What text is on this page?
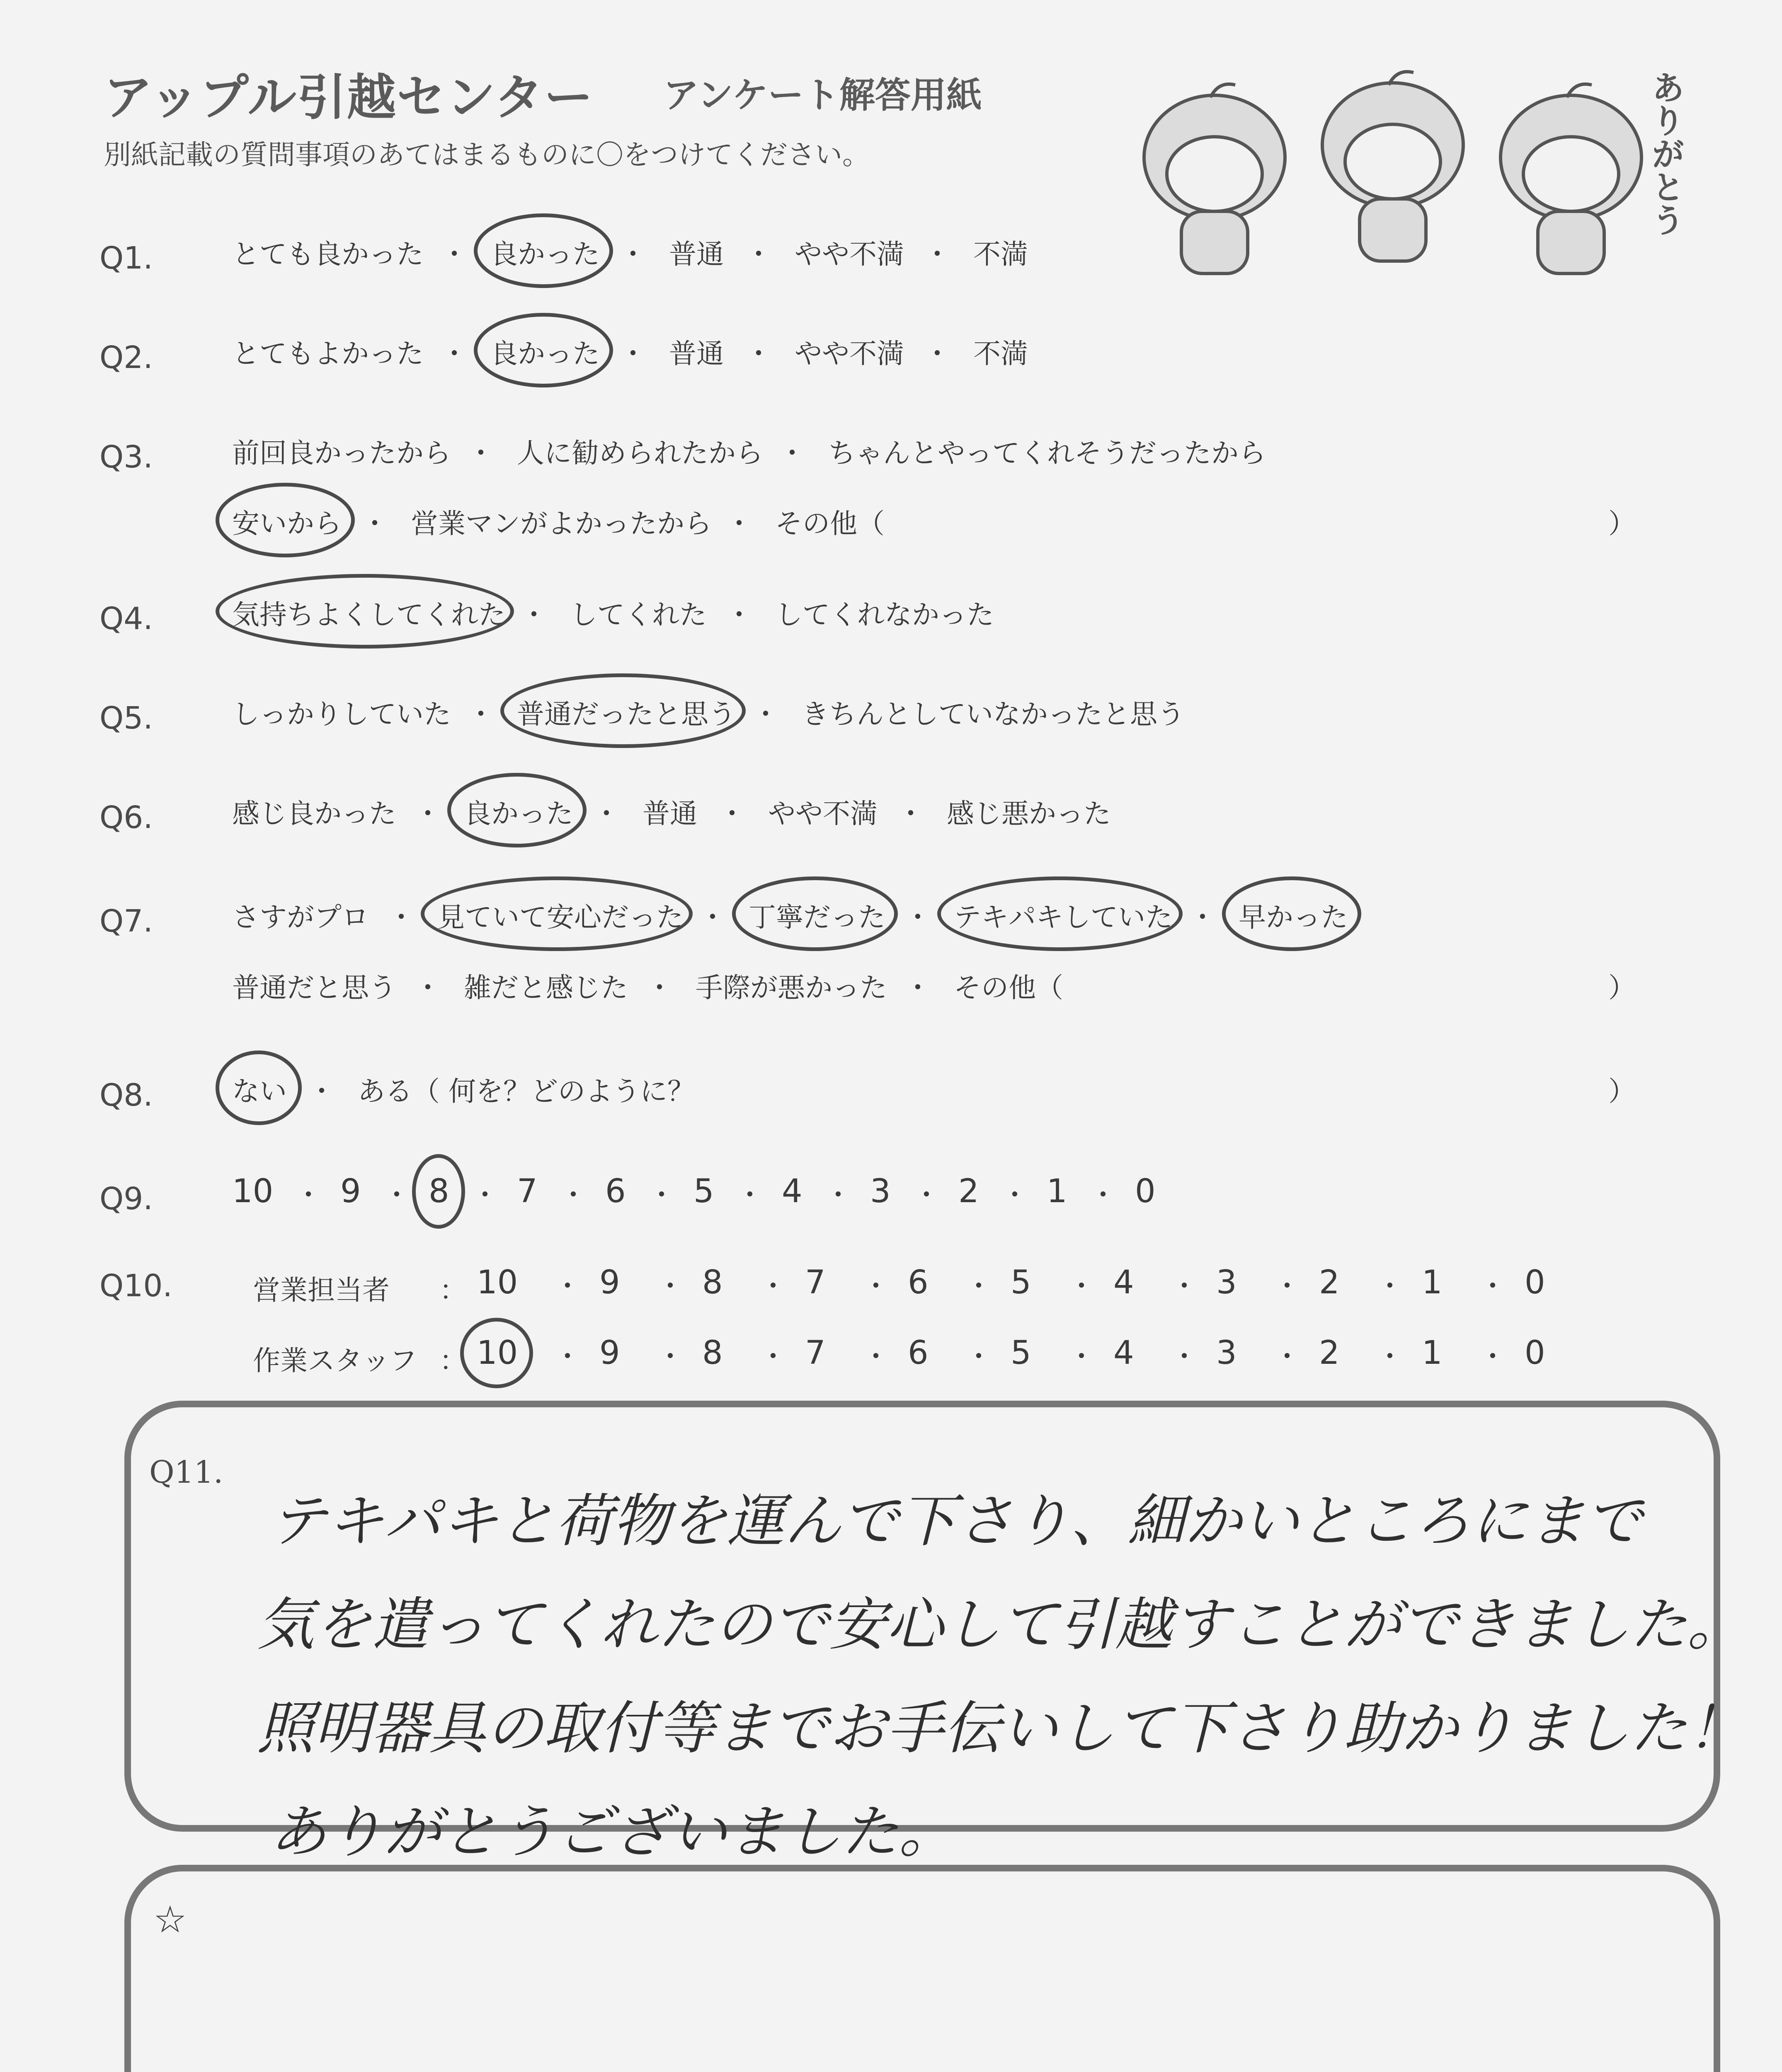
アップル引越センター アンケート解答用紙
別紙記載の質問事項のあてはまるものに〇をつけてください。	ありがとう
Q1.	とても良かった ・ 良かった ・ 普通 ・ やや不満 ・ 不満
Q2.	とてもよかった ・ 良かった ・ 普通 ・ やや不満 ・ 不満
Q3.	前回良かったから ・ 人に勧められたから ・ ちゃんとやってくれそうだったから
安いから ・ 営業マンがよかったから ・ その他（	）
Q4.	気持ちよくしてくれた ・ してくれた ・ してくれなかった
Q5.	しっかりしていた ・ 普通だったと思う ・ きちんとしていなかったと思う
Q6.	感じ良かった ・ 良かった ・ 普通 ・ やや不満 ・ 感じ悪かった
Q7.	さすがプロ ・ 見ていて安心だった ・ 丁寧だった ・ テキパキしていた ・ 早かった
普通だと思う ・ 雑だと感じた ・ 手際が悪かった ・ その他（	）
Q8.	ない ・ ある（ 何を？どのように？	）
Q9. 10 ・ 9 ・ 8 ・ 7 ・ 6 ・ 5 ・ 4 ・ 3 ・ 2 ・ 1 ・ 0
Q10.	営業担当者 ： 10 ・ 9 ・ 8 ・ 7 ・ 6 ・ 5 ・ 4 ・ 3 ・ 2 ・ 1 ・ 0
作業スタッフ ： 10 ・ 9 ・ 8 ・ 7 ・ 6 ・ 5 ・ 4 ・ 3 ・ 2 ・ 1 ・ 0
Q11.
テキパキと荷物を運んで下さり、細かいところにまで
気を遣ってくれたので安心して引越すことができました。
照明器具の取付等までお手伝いして下さり助かりました！
ありがとうございました。
☆
